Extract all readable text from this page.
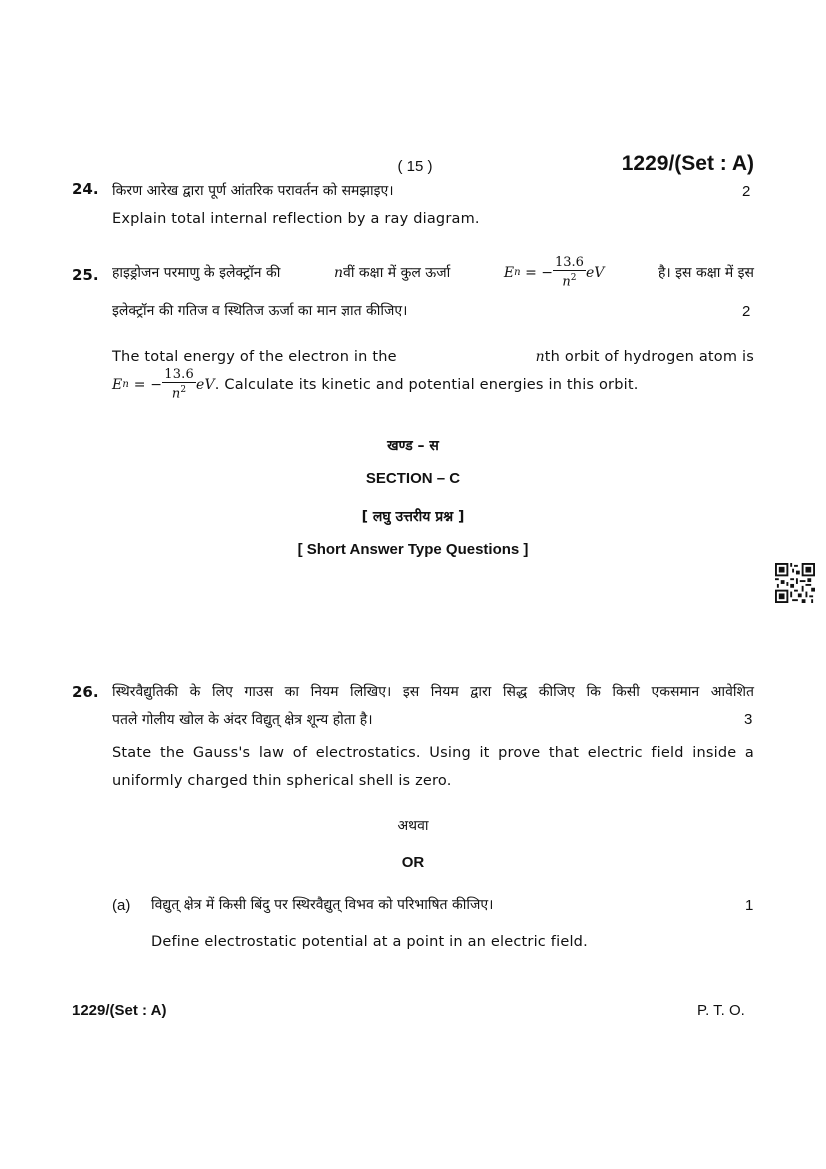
( 15 )	1229/(Set : A)
24. किरण आरेख द्वारा पूर्ण आंतरिक परावर्तन को समझाइए।	2
Explain total internal reflection by a ray diagram.
25. हाइड्रोजन परमाणु के इलेक्ट्रॉन की	n वीं कक्षा में कुल ऊर्जा	E n
= − $\frac{13.6}{n^2}$ eV	है। इस कक्षा में इस
इलेक्ट्रॉन की गतिज व स्थितिज ऊर्जा का मान ज्ञात कीजिए।	2
The total energy of the electron in the	nth orbit of hydrogen atom is
E n
= − $\frac{13.6}{n^2}$ eV . Calculate its kinetic and potential energies in this orbit.
खण्ड – स
SECTION – C
[ लघु उत्तरीय प्रश्न ]
[ Short Answer Type Questions ]
26. स्थिरवैद्युतिकी के लिए गाउस का नियम लिखिए। इस नियम द्वारा सिद्ध कीजिए कि किसी एकसमान आवेशित
पतले गोलीय खोल के अंदर विद्युत् क्षेत्र शून्य होता है।	3
State the Gauss's law of electrostatics. Using it prove that electric field inside a
uniformly charged thin spherical shell is zero.
अथवा
OR
(a) विद्युत् क्षेत्र में किसी बिंदु पर स्थिरवैद्युत् विभव को परिभाषित कीजिए।	1
Define electrostatic potential at a point in an electric field.
1229/(Set : A)	P. T. O.
